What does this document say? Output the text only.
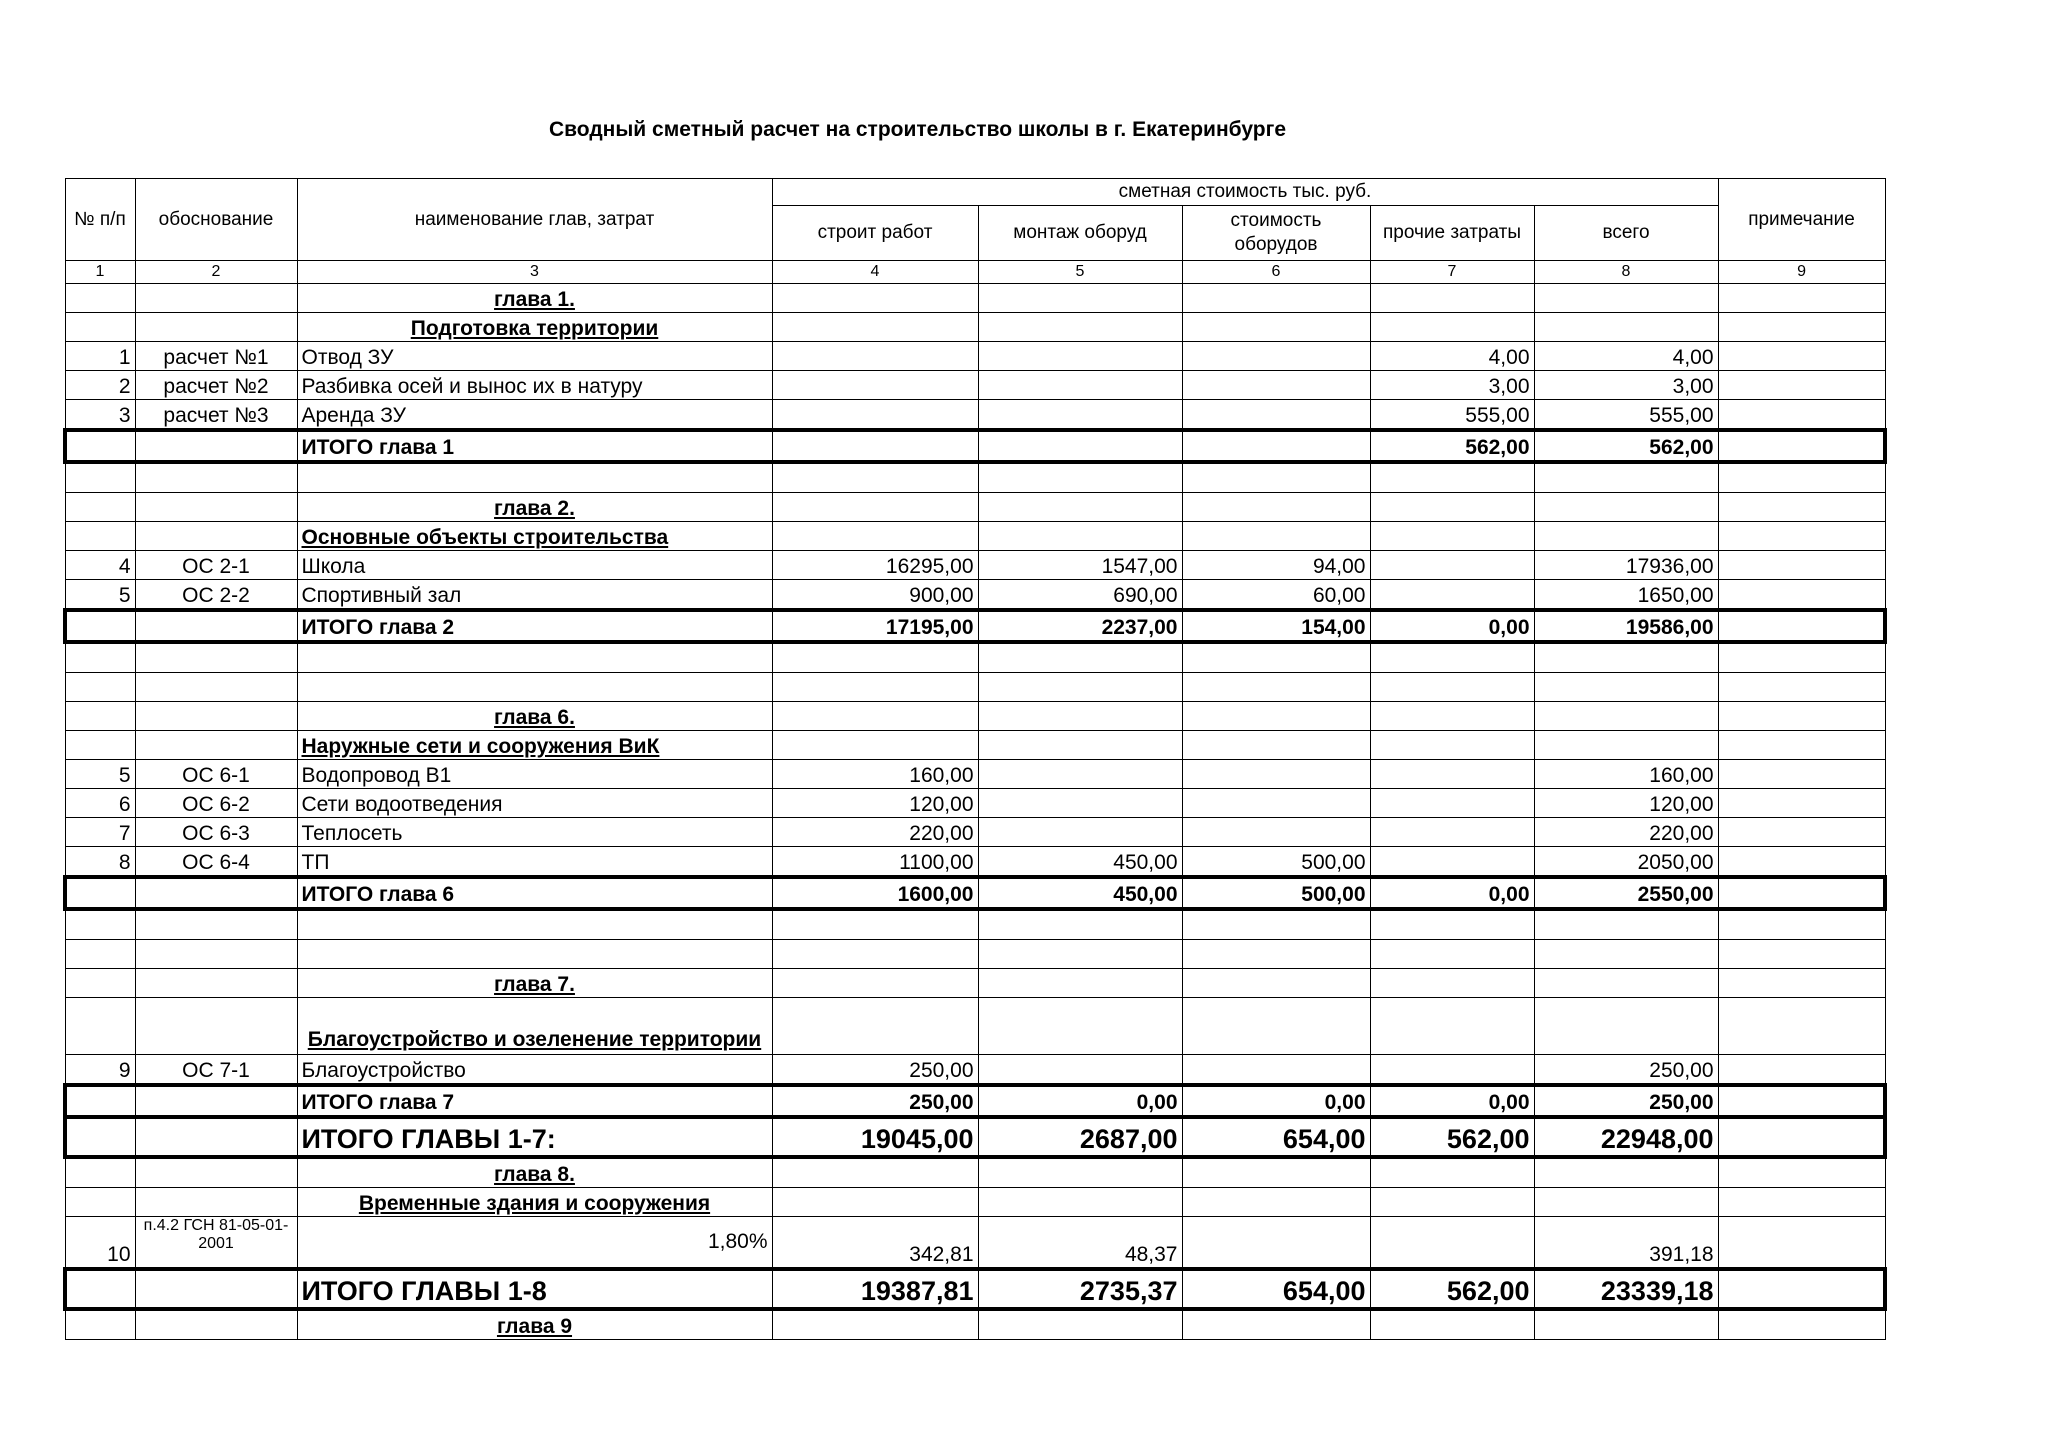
Сводный сметный расчет на строительство школы в г. Екатеринбурге
№ п/п	обоснование	наименование глав, затрат	сметная стоимость тыс. руб.					примечание
			строит работ	монтаж оборуд	стоимость оборудов	прочие затраты	всего	
1	2	3	4	5	6	7	8	9
		глава 1.						
		Подготовка территории						
1	расчет №1	Отвод ЗУ				4,00	4,00	
2	расчет №2	Разбивка осей и вынос их в натуру				3,00	3,00	
3	расчет №3	Аренда ЗУ				555,00	555,00	
		ИТОГО глава 1				562,00	562,00	

		глава 2.						
		Основные объекты строительства						
4	ОС 2-1	Школа	16295,00	1547,00	94,00		17936,00	
5	ОС 2-2	Спортивный зал	900,00	690,00	60,00		1650,00	
		ИТОГО глава 2	17195,00	2237,00	154,00	0,00	19586,00	

		глава 6.						
		Наружные сети и сооружения ВиК						
5	ОС 6-1	Водопровод В1	160,00				160,00	
6	ОС 6-2	Сети водоотведения	120,00				120,00	
7	ОС 6-3	Теплосеть	220,00				220,00	
8	ОС 6-4	ТП	1100,00	450,00	500,00		2050,00	
		ИТОГО глава 6	1600,00	450,00	500,00	0,00	2550,00	

		глава 7.						
		Благоустройство и озеленение территории						
9	ОС 7-1	Благоустройство	250,00				250,00	
		ИТОГО глава 7	250,00	0,00	0,00	0,00	250,00	
		ИТОГО ГЛАВЫ 1-7:	19045,00	2687,00	654,00	562,00	22948,00	
		глава 8.						
		Временные здания и сооружения						
10	п.4.2 ГСН 81-05-01-2001	1,80%	342,81	48,37			391,18	
		ИТОГО ГЛАВЫ 1-8	19387,81	2735,37	654,00	562,00	23339,18	
		глава 9						
